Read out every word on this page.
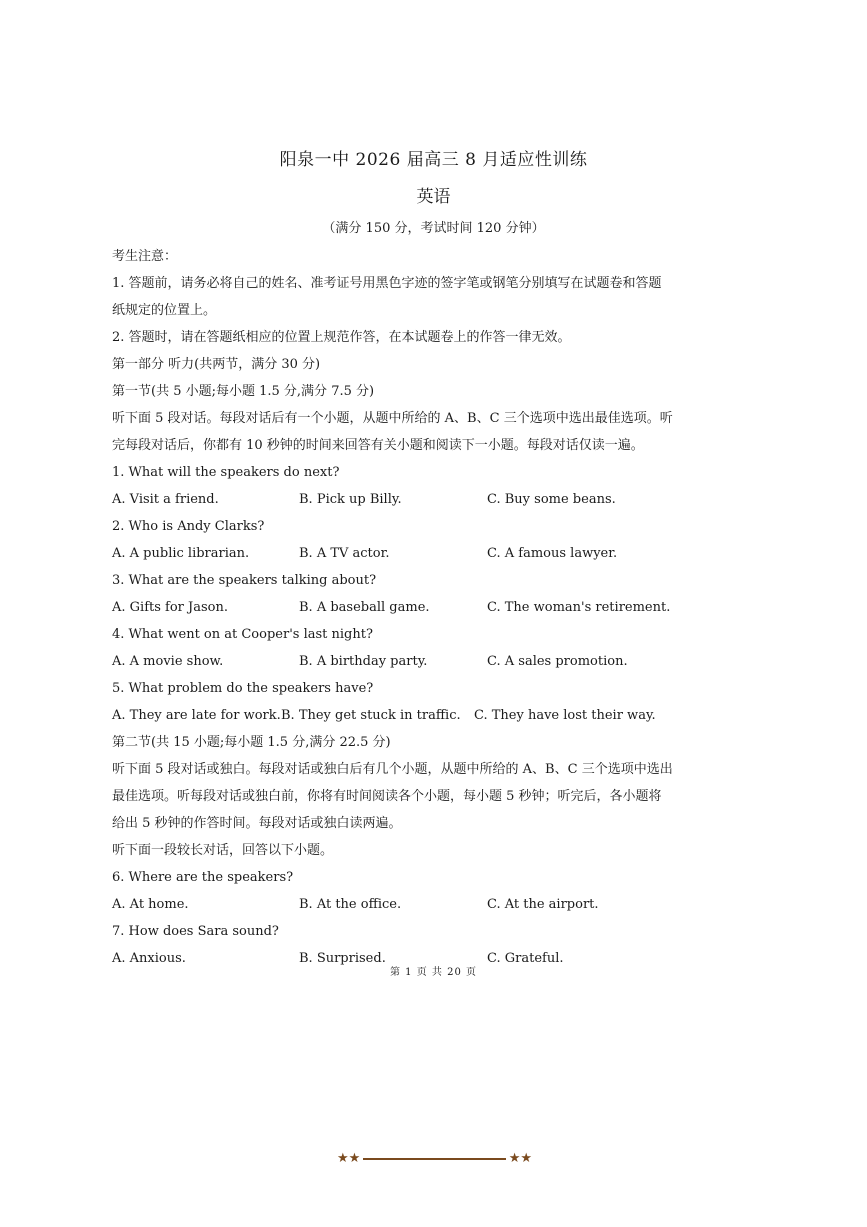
阳泉一中 2026 届高三 8 月适应性训练
英语
（满分 150 分，考试时间 120 分钟）
考生注意：
1. 答题前，请务必将自己的姓名、准考证号用黑色字迹的签字笔或钢笔分别填写在试题卷和答题
纸规定的位置上。
2. 答题时，请在答题纸相应的位置上规范作答，在本试题卷上的作答一律无效。
第一部分 听力(共两节，满分 30 分)
第一节(共 5 小题;每小题 1.5 分,满分 7.5 分)
听下面 5 段对话。每段对话后有一个小题，从题中所给的 A、B、C 三个选项中选出最佳选项。听
完每段对话后，你都有 10 秒钟的时间来回答有关小题和阅读下一小题。每段对话仅读一遍。
1. What will the speakers do next?
A. Visit a friend.	B. Pick up Billy.	C. Buy some beans.
2. Who is Andy Clarks?
A. A public librarian.	B. A TV actor.	C. A famous lawyer.
3. What are the speakers talking about?
A. Gifts for Jason.	B. A baseball game.	C. The woman's retirement.
4. What went on at Cooper's last night?
A. A movie show.	B. A birthday party.	C. A sales promotion.
5. What problem do the speakers have?
A. They are late for work. B. They get stuck in traffic.	C. They have lost their way.
第二节(共 15 小题;每小题 1.5 分,满分 22.5 分)
听下面 5 段对话或独白。每段对话或独白后有几个小题，从题中所给的 A、B、C 三个选项中选出
最佳选项。听每段对话或独白前，你将有时间阅读各个小题，每小题 5 秒钟；听完后，各小题将
给出 5 秒钟的作答时间。每段对话或独白读两遍。
听下面一段较长对话，回答以下小题。
6. Where are the speakers?
A. At home.	B. At the office.	C. At the airport.
7. How does Sara sound?
A. Anxious.	B. Surprised.	C. Grateful.
第 1 页 共 20 页
★★	★★
